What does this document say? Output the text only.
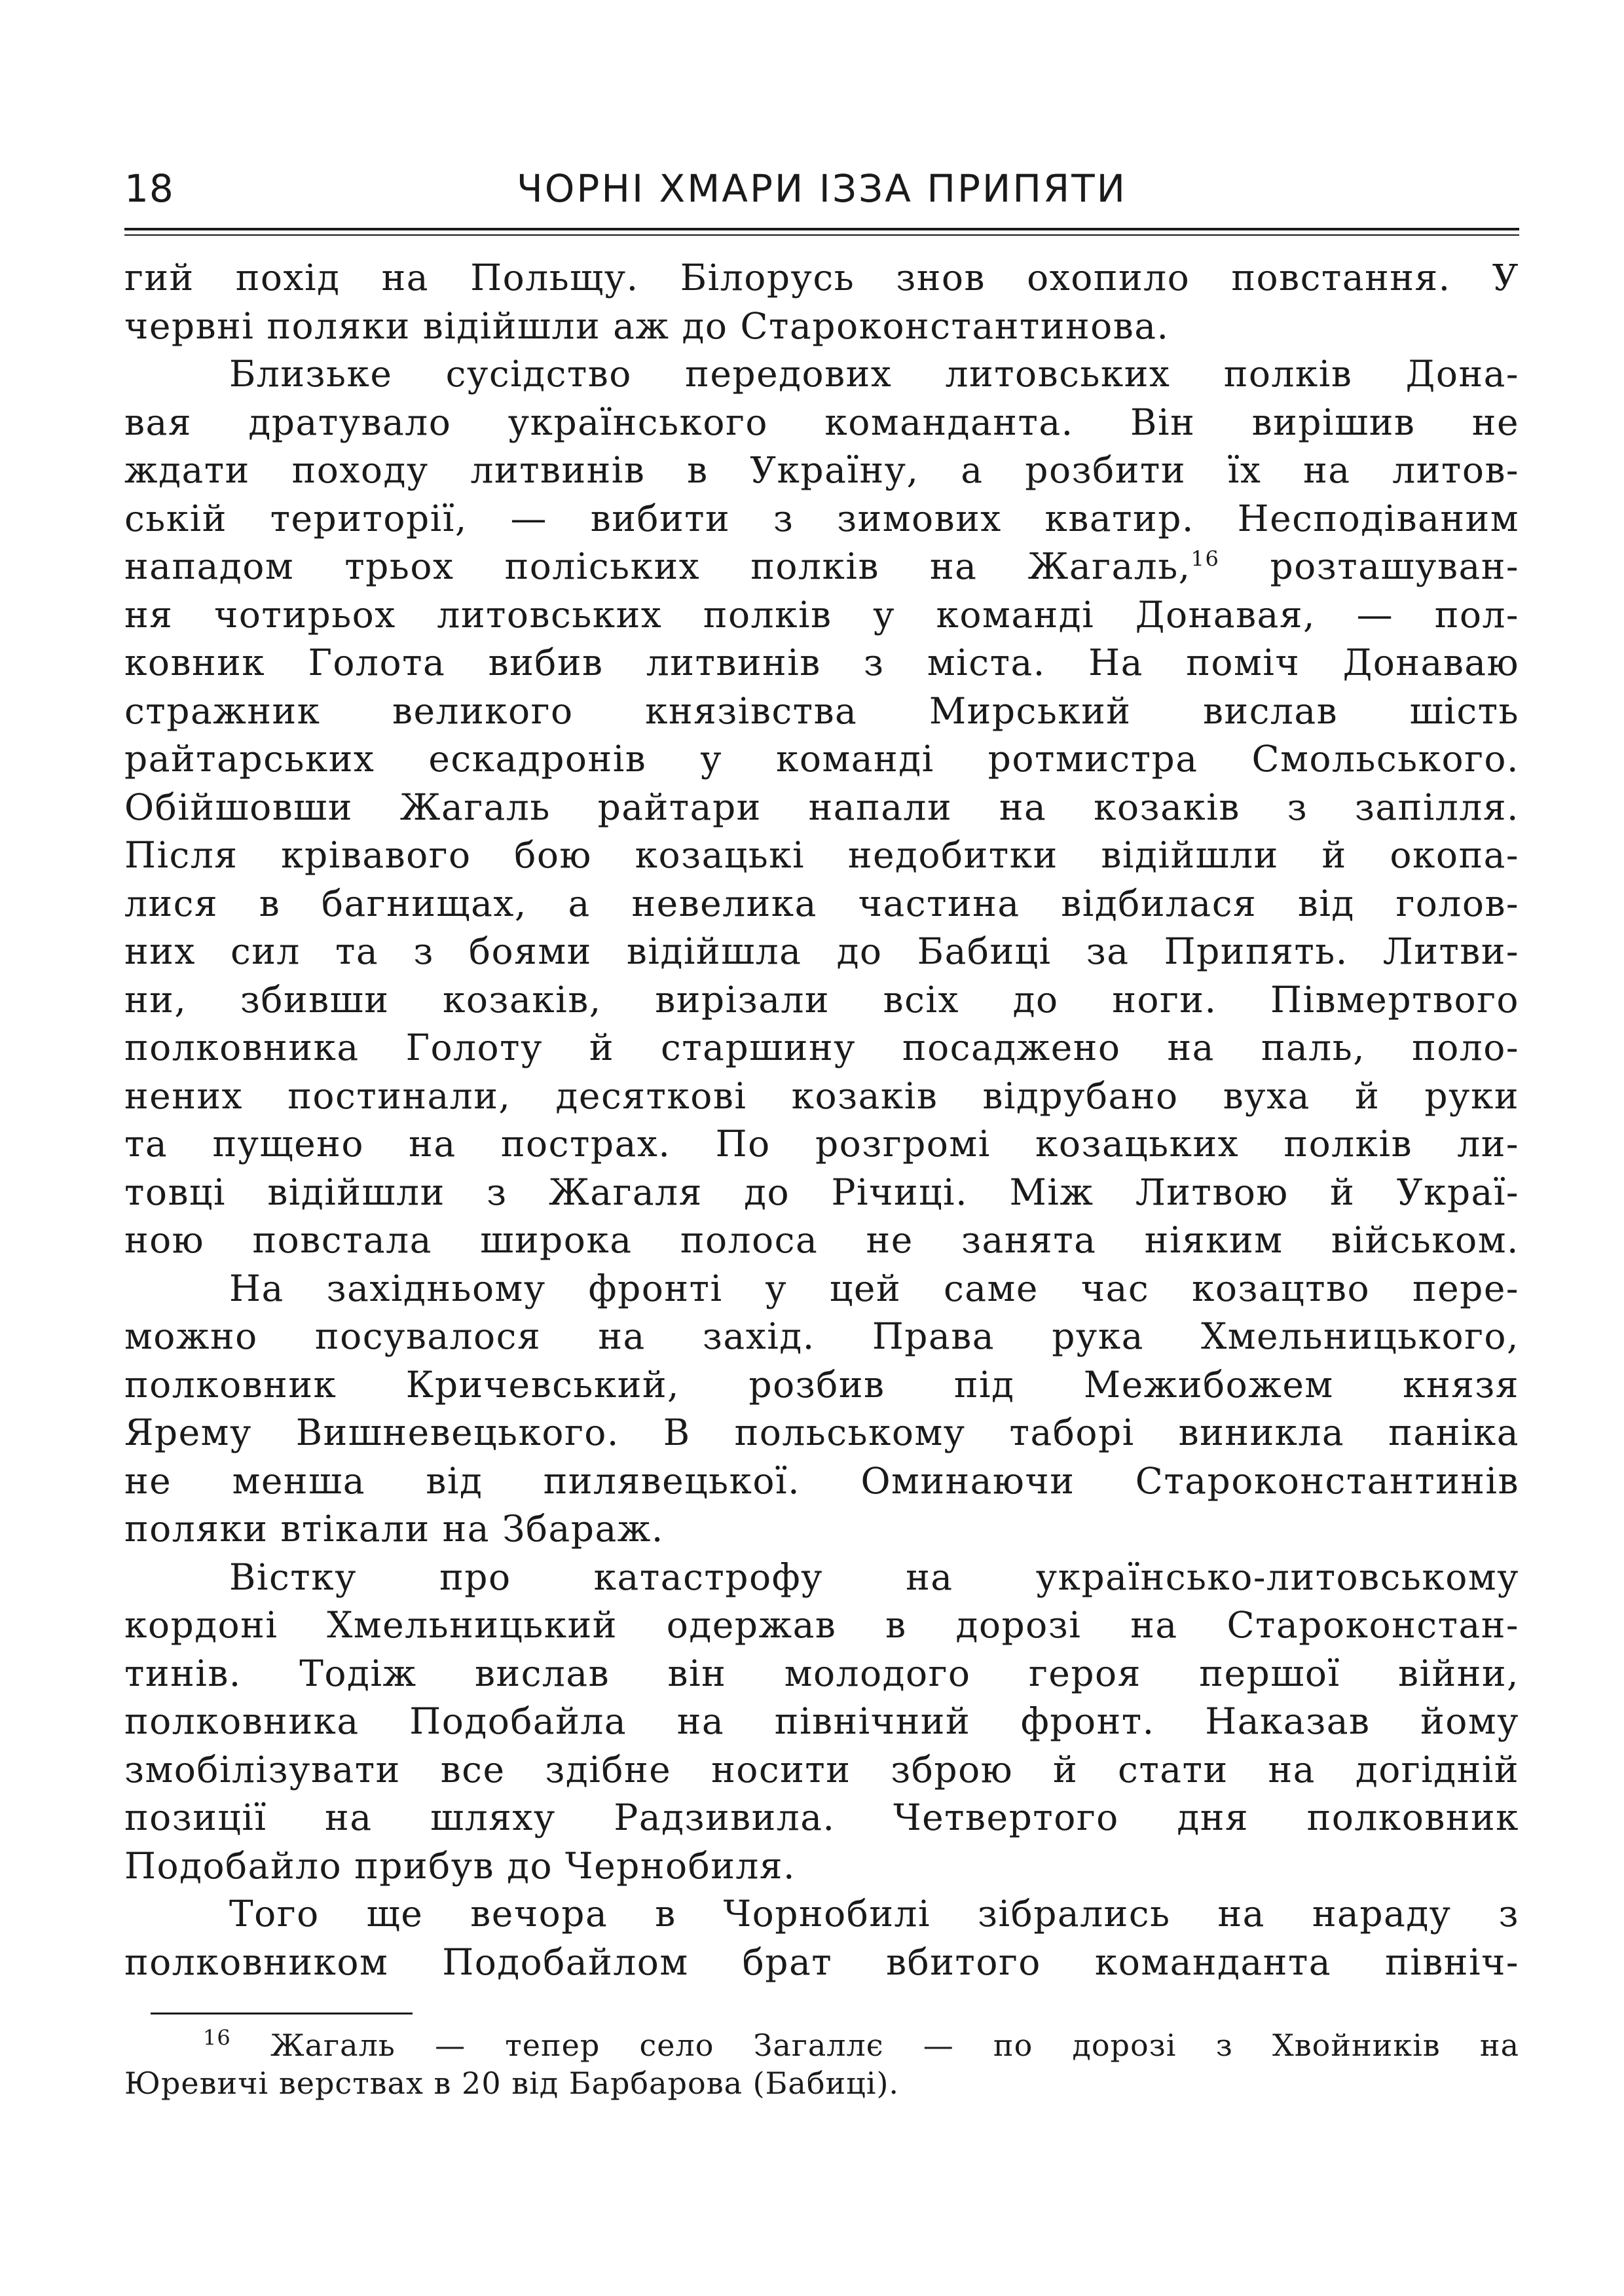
18	ЧОРНІ ХМАРИ ІЗЗА ПРИПЯТИ

гий похід на Польщу. Білорусь знов охопило повстання. У
червні поляки відійшли аж до Староконстантинова.

Близьке сусідство передових литовських полків Дона-
вая дратувало українського команданта. Він вирішив не
ждати походу литвинів в Україну, а розбити їх на литов-
ській території, — вибити з зимових кватир. Несподіваним
нападом трьох поліських полків на Жагаль,$^{16}$ розташуван-
ня чотирьох литовських полків у команді Донавая, — пол-
ковник Голота вибив литвинів з міста. На поміч Донаваю
стражник великого князівства Мирський вислав шість
райтарських ескадронів у команді ротмистра Смольського.
Обійшовши Жагаль райтари напали на козаків з запілля.
Після крівавого бою козацькі недобитки відійшли й окопа-
лися в багнищах, а невелика частина відбилася від голов-
них сил та з боями відійшла до Бабиці за Припять. Литви-
ни, збивши козаків, вирізали всіх до ноги. Півмертвого
полковника Голоту й старшину посаджено на паль, поло-
нених постинали, десяткові козаків відрубано вуха й руки
та пущено на пострах. По розгромі козацьких полків ли-
товці відійшли з Жагаля до Річиці. Між Литвою й Украї-
ною повстала широка полоса не занята ніяким військом.

На західньому фронті у цей саме час козацтво пере-
можно посувалося на захід. Права рука Хмельницького,
полковник Кричевський, розбив під Межибожем князя
Ярему Вишневецького. В польському таборі виникла паніка
не менша від пилявецької. Оминаючи Староконстантинів
поляки втікали на Збараж.

Вістку про катастрофу на українсько-литовському
кордоні Хмельницький одержав в дорозі на Староконстан-
тинів. Тодіж вислав він молодого героя першої війни,
полковника Подобайла на північний фронт. Наказав йому
змобілізувати все здібне носити зброю й стати на догідній
позиції на шляху Радзивила. Четвертого дня полковник
Подобайло прибув до Чернобиля.

Того ще вечора в Чорнобилі зібрались на нараду з
полковником Подобайлом брат вбитого команданта північ-

$^{16}$ Жагаль — тепер село Загаллє — по дорозі з Хвойників на
Юревичі верствах в 20 від Барбарова (Бабиці).
